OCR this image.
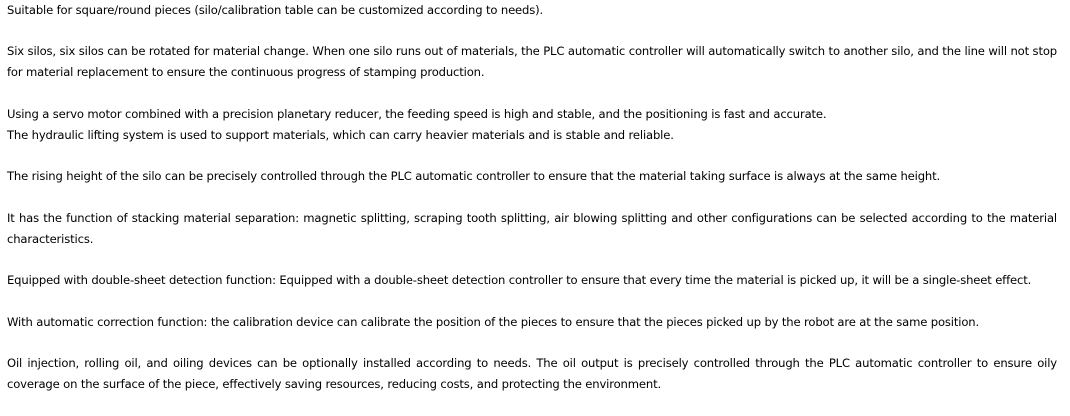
Suitable for square/round pieces (silo/calibration table can be customized according to needs).

Six silos, six silos can be rotated for material change. When one silo runs out of materials, the PLC automatic controller will automatically switch to another silo, and the line will not stop
for material replacement to ensure the continuous progress of stamping production.

Using a servo motor combined with a precision planetary reducer, the feeding speed is high and stable, and the positioning is fast and accurate.
The hydraulic lifting system is used to support materials, which can carry heavier materials and is stable and reliable.

The rising height of the silo can be precisely controlled through the PLC automatic controller to ensure that the material taking surface is always at the same height.

It has the function of stacking material separation: magnetic splitting, scraping tooth splitting, air blowing splitting and other configurations can be selected according to the material
characteristics.

Equipped with double-sheet detection function: Equipped with a double-sheet detection controller to ensure that every time the material is picked up, it will be a single-sheet effect.

With automatic correction function: the calibration device can calibrate the position of the pieces to ensure that the pieces picked up by the robot are at the same position.

Oil injection, rolling oil, and oiling devices can be optionally installed according to needs. The oil output is precisely controlled through the PLC automatic controller to ensure oily
coverage on the surface of the piece, effectively saving resources, reducing costs, and protecting the environment.
